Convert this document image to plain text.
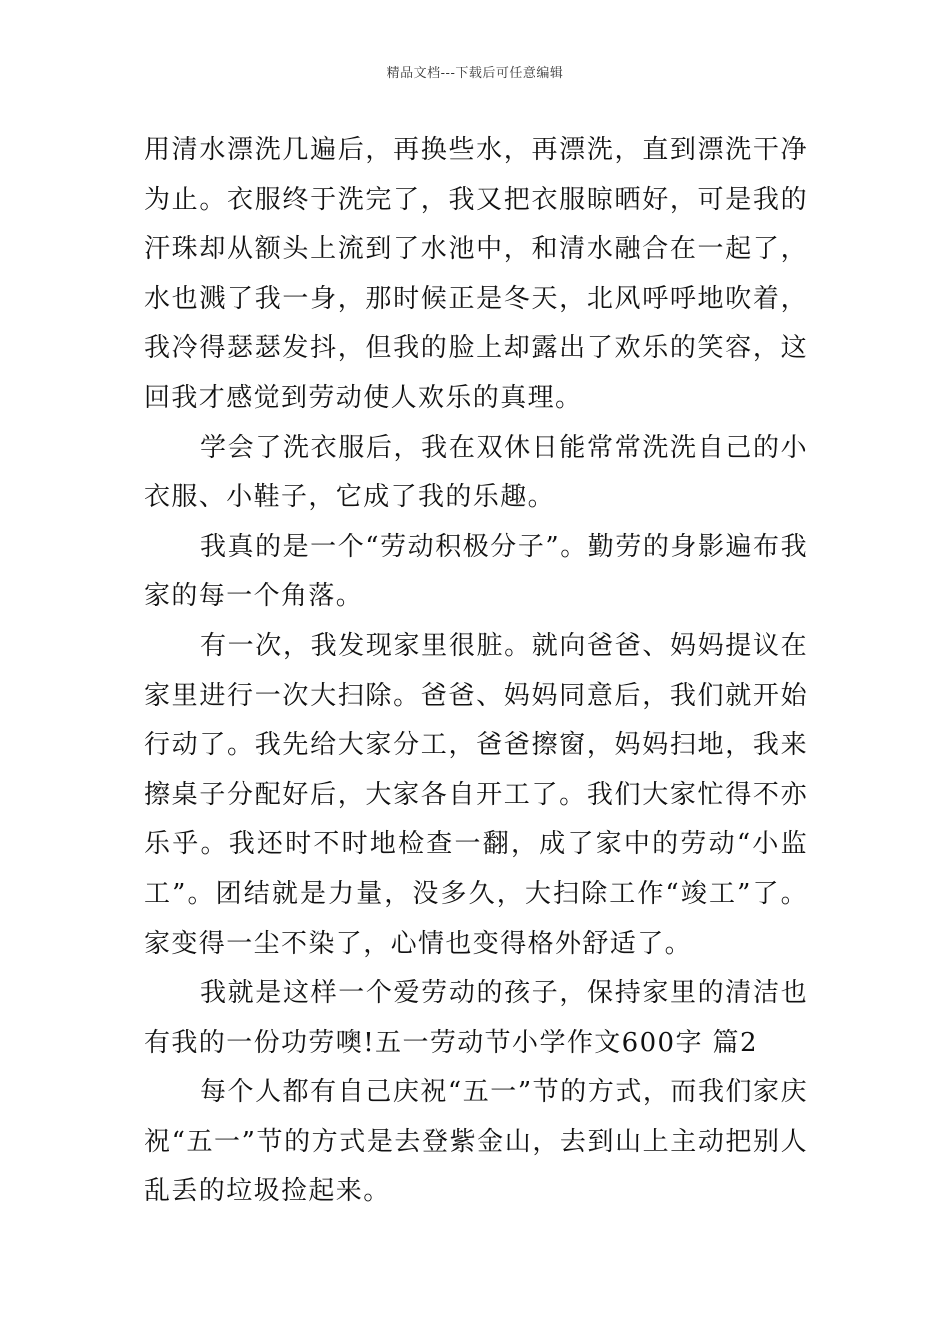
精品文档---下载后可任意编辑

用清水漂洗几遍后，再换些水，再漂洗，直到漂洗干净为止。衣服终于洗完了，我又把衣服晾晒好，可是我的汗珠却从额头上流到了水池中，和清水融合在一起了，水也溅了我一身，那时候正是冬天，北风呼呼地吹着，我冷得瑟瑟发抖，但我的脸上却露出了欢乐的笑容，这回我才感觉到劳动使人欢乐的真理。

学会了洗衣服后，我在双休日能常常洗洗自己的小衣服、小鞋子，它成了我的乐趣。

我真的是一个“劳动积极分子”。勤劳的身影遍布我家的每一个角落。

有一次，我发现家里很脏。就向爸爸、妈妈提议在家里进行一次大扫除。爸爸、妈妈同意后，我们就开始行动了。我先给大家分工，爸爸擦窗，妈妈扫地，我来擦桌子分配好后，大家各自开工了。我们大家忙得不亦乐乎。我还时不时地检查一翻，成了家中的劳动“小监工”。团结就是力量，没多久，大扫除工作“竣工”了。家变得一尘不染了，心情也变得格外舒适了。

我就是这样一个爱劳动的孩子，保持家里的清洁也有我的一份功劳噢!五一劳动节小学作文600字 篇2

每个人都有自己庆祝“五一”节的方式，而我们家庆祝“五一”节的方式是去登紫金山，去到山上主动把别人乱丢的垃圾捡起来。
